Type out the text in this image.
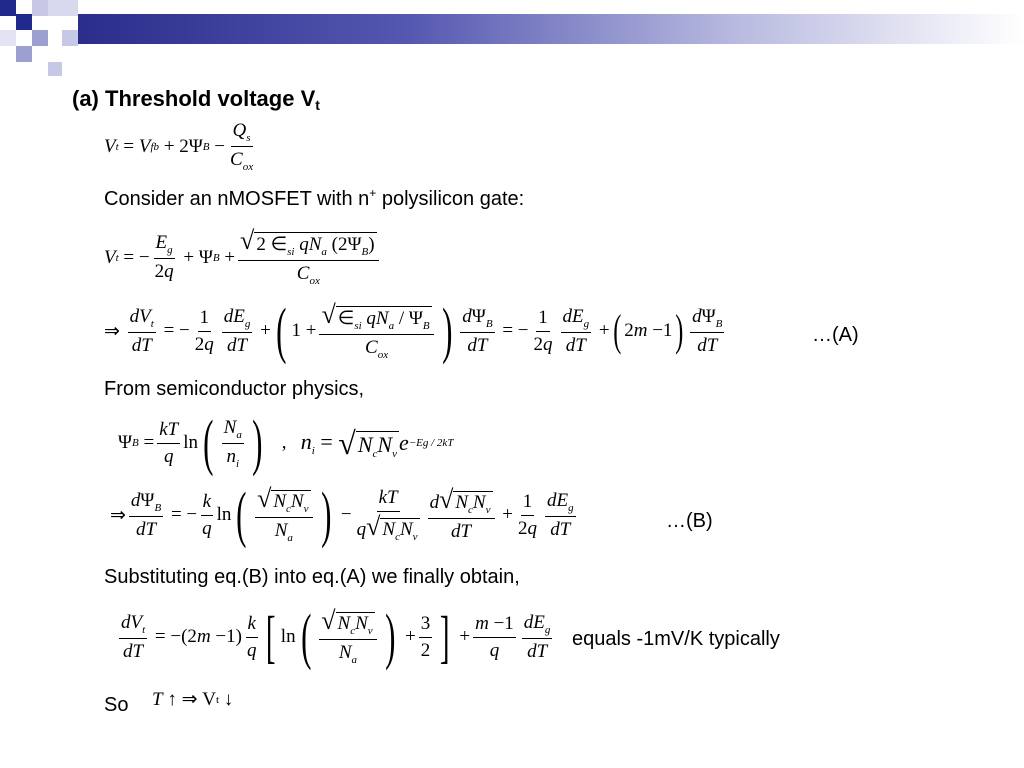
(a) Threshold voltage $V_t$
V t = V fb + 2Ψ $B - \frac{Q_s}{C_{ox}}$
Consider an nMOSFET with n+ polysilicon gate:
V t = − $\frac{E_g}{2q} + \Psi$ $B + \frac{√ 2 \in_{si} qN_a (2\Psi_B)}{C_{ox}}$
⇒ $\frac{dV_t}{dT}$ = − $\frac{1}{2q} \frac{dE_g}{dT}$ + ( $1 + \frac{√ \in_{si} qN_a / \Psi_B}{C_{ox}}$ ) $\frac{d\Psi_B}{dT}$ = − $\frac{1}{2q} \frac{dE_g}{dT}$ + ( 2 m −1 ) $\frac{d\Psi_B}{dT}$	…(A)
From semiconductor physics,
Ψ $B = \frac{kT}{q}$ ln ( $\frac{N_a}{n_i}$ ) , $n_i$ = √ $N_cN_v$ e −Eg / 2kT
⇒ $\frac{d\Psi_B}{dT}$ = − $\frac{k}{q}$ ln ( $\frac{√ N_cN_v}{N_a}$ ) − $\frac{kT}{q √ N_cN_v} \frac{d √ N_cN_v}{dT} + \frac{1}{2q} \frac{dE_g}{dT}$	…(B)
Substituting eq.(B) into eq.(A) we finally obtain,
$\frac{dV_t}{dT} = -(2$ $m -1) \frac{k}{q}$ [ ln ( $\frac{√ N_cN_v}{N_a}$ ) + $\frac{3}{2}$ ] + $\frac{m -1}{q} \frac{dE_g}{dT}$ equals -1mV/K typically
So T ↑ ⇒ V t ↓
